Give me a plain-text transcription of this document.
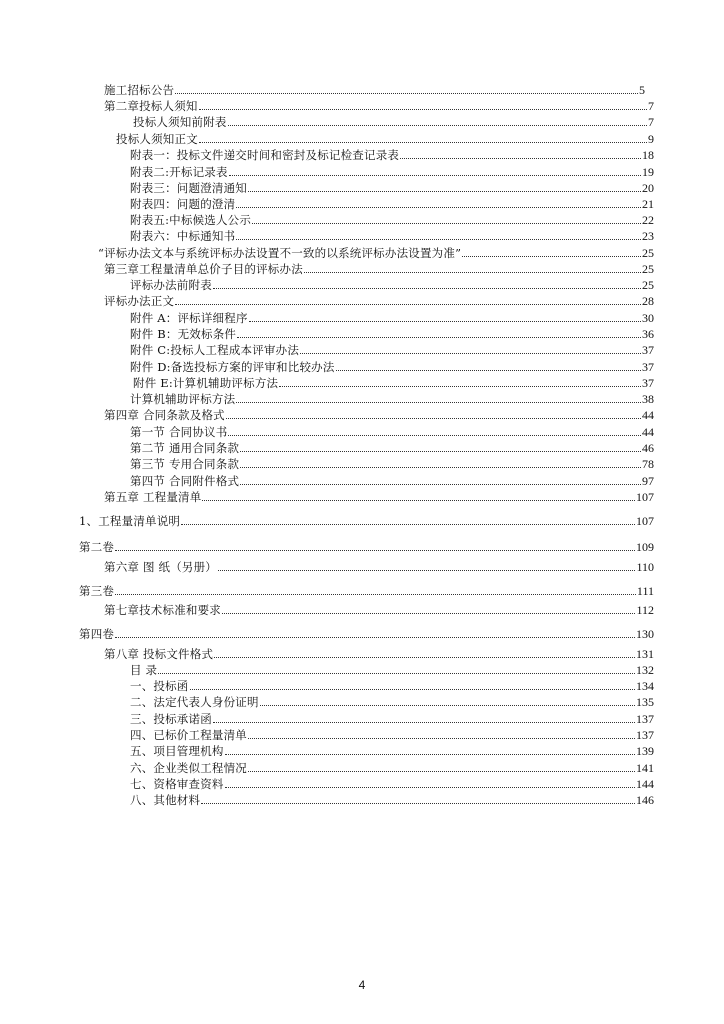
施工招标公告	5
第二章投标人须知	7
投标人须知前附表	7
投标人须知正文	9
附表一：投标文件递交时间和密封及标记检查记录表	18
附表二:开标记录表	19
附表三：问题澄清通知	20
附表四：问题的澄清	21
附表五:中标候选人公示	22
附表六：中标通知书	23
“评标办法文本与系统评标办法设置不一致的以系统评标办法设置为准”	25
第三章工程量清单总价子目的评标办法	25
评标办法前附表	25
评标办法正文	28
附件 A：评标详细程序	30
附件 B：无效标条件	36
附件 C:投标人工程成本评审办法	37
附件 D:备选投标方案的评审和比较办法	37
附件 E:计算机辅助评标方法	37
计算机辅助评标方法	38
第四章 合同条款及格式	44
第一节 合同协议书	44
第二节 通用合同条款	46
第三节 专用合同条款	78
第四节 合同附件格式	97
第五章 工程量清单	107
1、工程量清单说明	107
第二卷	109
第六章 图 纸（另册）	110
第三卷	111
第七章技术标准和要求	112
第四卷	130
第八章 投标文件格式	131
目 录	132
一、投标函	134
二、法定代表人身份证明	135
三、投标承诺函	137
四、已标价工程量清单	137
五、项目管理机构	139
六、企业类似工程情况	141
七、资格审查资料	144
八、其他材料	146
4
